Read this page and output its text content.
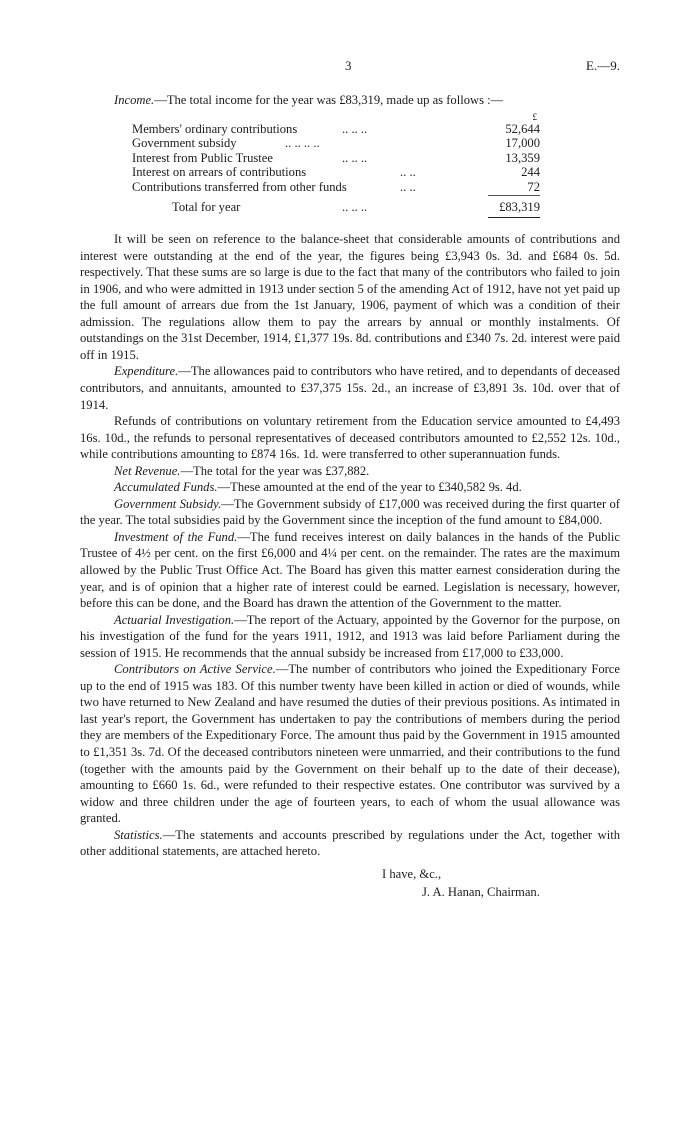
3	E.—9.
Income.—The total income for the year was £83,319, made up as follows :—
£
Members' ordinary contributions	.. .. ..	52,644
Government subsidy	.. .. .. ..	17,000
Interest from Public Trustee	.. .. ..	13,359
Interest on arrears of contributions	.. ..	244
Contributions transferred from other funds	.. ..	72
Total for year	.. .. ..	£83,319

It will be seen on reference to the balance-sheet that considerable amounts of contributions and interest were outstanding at the end of the year, the figures being £3,943 0s. 3d. and £684 0s. 5d. respectively. That these sums are so large is due to the fact that many of the contributors who failed to join in 1906, and who were admitted in 1913 under section 5 of the amending Act of 1912, have not yet paid up the full amount of arrears due from the 1st January, 1906, payment of which was a condition of their admission. The regulations allow them to pay the arrears by annual or monthly instalments. Of outstandings on the 31st December, 1914, £1,377 19s. 8d. contributions and £340 7s. 2d. interest were paid off in 1915.

Expenditure.—The allowances paid to contributors who have retired, and to dependants of deceased contributors, and annuitants, amounted to £37,375 15s. 2d., an increase of £3,891 3s. 10d. over that of 1914.

Refunds of contributions on voluntary retirement from the Education service amounted to £4,493 16s. 10d., the refunds to personal representatives of deceased contributors amounted to £2,552 12s. 10d., while contributions amounting to £874 16s. 1d. were transferred to other superannuation funds.

Net Revenue.—The total for the year was £37,882.

Accumulated Funds.—These amounted at the end of the year to £340,582 9s. 4d.

Government Subsidy.—The Government subsidy of £17,000 was received during the first quarter of the year. The total subsidies paid by the Government since the inception of the fund amount to £84,000.

Investment of the Fund.—The fund receives interest on daily balances in the hands of the Public Trustee of 4½ per cent. on the first £6,000 and 4¼ per cent. on the remainder. The rates are the maximum allowed by the Public Trust Office Act. The Board has given this matter earnest consideration during the year, and is of opinion that a higher rate of interest could be earned. Legislation is necessary, however, before this can be done, and the Board has drawn the attention of the Government to the matter.

Actuarial Investigation.—The report of the Actuary, appointed by the Governor for the purpose, on his investigation of the fund for the years 1911, 1912, and 1913 was laid before Parliament during the session of 1915. He recommends that the annual subsidy be increased from £17,000 to £33,000.

Contributors on Active Service.—The number of contributors who joined the Expeditionary Force up to the end of 1915 was 183. Of this number twenty have been killed in action or died of wounds, while two have returned to New Zealand and have resumed the duties of their previous positions. As intimated in last year's report, the Government has undertaken to pay the contributions of members during the period they are members of the Expeditionary Force. The amount thus paid by the Government in 1915 amounted to £1,351 3s. 7d. Of the deceased contributors nineteen were unmarried, and their contributions to the fund (together with the amounts paid by the Government on their behalf up to the date of their decease), amounting to £660 1s. 6d., were refunded to their respective estates. One contributor was survived by a widow and three children under the age of fourteen years, to each of whom the usual allowance was granted.

Statistics.—The statements and accounts prescribed by regulations under the Act, together with other additional statements, are attached hereto.

I have, &c.,
J. A. Hanan, Chairman.
